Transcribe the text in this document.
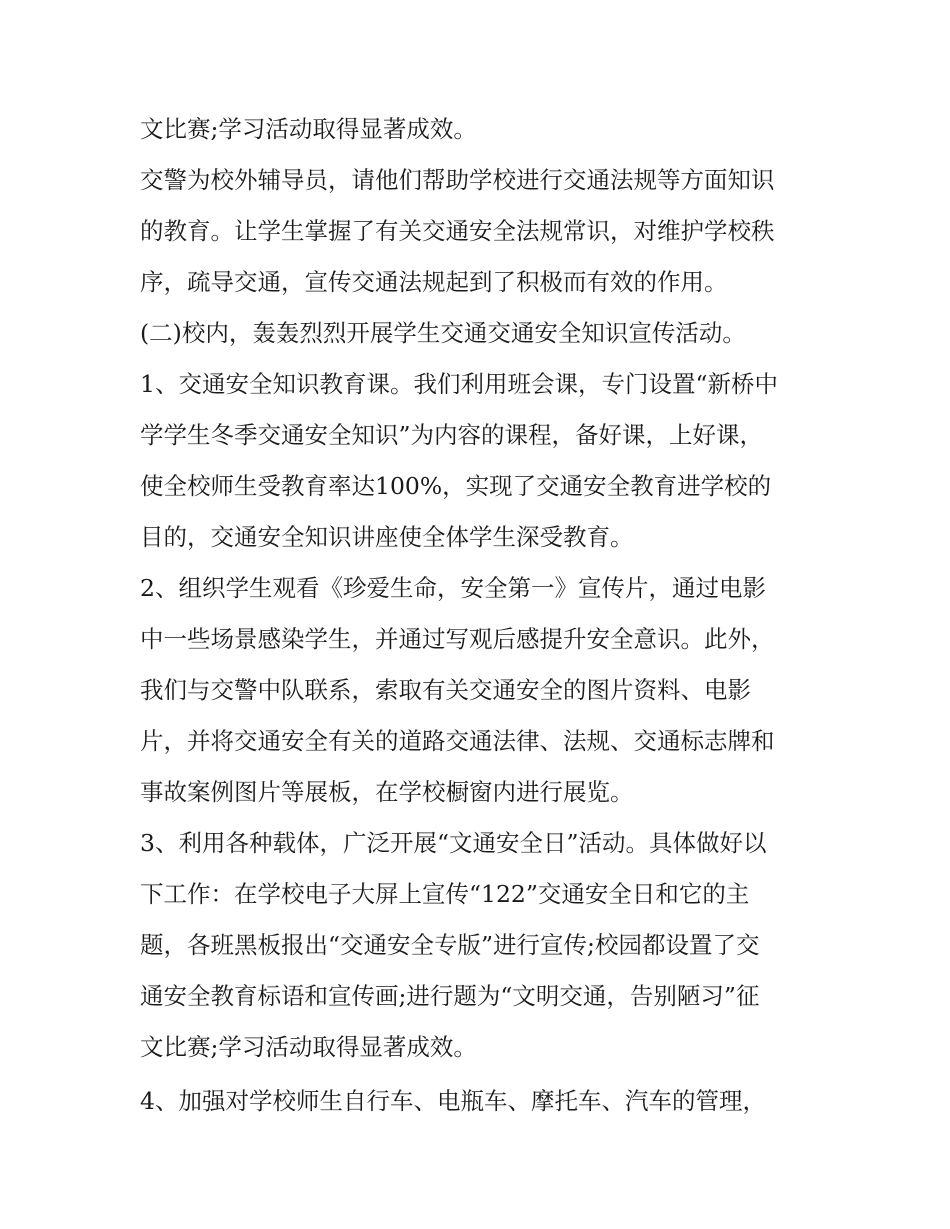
文比赛;学习活动取得显著成效。
交警为校外辅导员，请他们帮助学校进行交通法规等方面知识
的教育。让学生掌握了有关交通安全法规常识，对维护学校秩
序，疏导交通，宣传交通法规起到了积极而有效的作用。
(二)校内，轰轰烈烈开展学生交通交通安全知识宣传活动。
1、交通安全知识教育课。我们利用班会课，专门设置“新桥中
学学生冬季交通安全知识”为内容的课程，备好课，上好课，
使全校师生受教育率达100%，实现了交通安全教育进学校的
目的，交通安全知识讲座使全体学生深受教育。
2、组织学生观看《珍爱生命，安全第一》宣传片，通过电影
中一些场景感染学生，并通过写观后感提升安全意识。此外，
我们与交警中队联系，索取有关交通安全的图片资料、电影
片，并将交通安全有关的道路交通法律、法规、交通标志牌和
事故案例图片等展板，在学校橱窗内进行展览。
3、利用各种载体，广泛开展“文通安全日”活动。具体做好以
下工作：在学校电子大屏上宣传“122”交通安全日和它的主
题，各班黑板报出“交通安全专版”进行宣传;校园都设置了交
通安全教育标语和宣传画;进行题为“文明交通，告别陋习”征
文比赛;学习活动取得显著成效。
4、加强对学校师生自行车、电瓶车、摩托车、汽车的管理，
